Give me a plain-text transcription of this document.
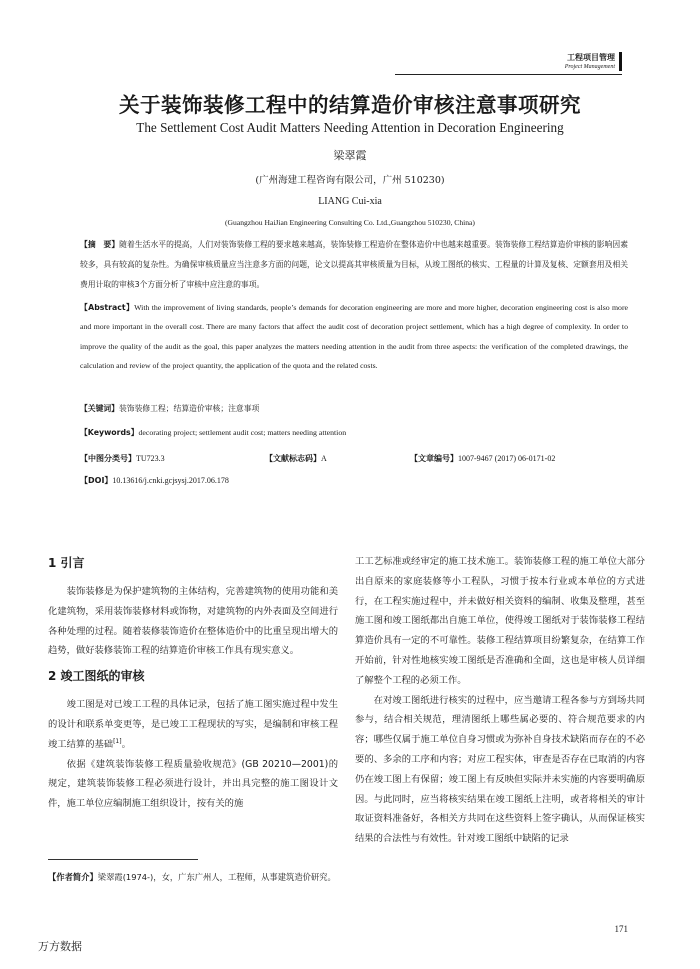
工程项目管理
Project Management
关于装饰装修工程中的结算造价审核注意事项研究
The Settlement Cost Audit Matters Needing Attention in Decoration Engineering
梁翠霞
(广州海建工程咨询有限公司，广州 510230)
LIANG Cui-xia
(Guangzhou HaiJian Engineering Consulting Co. Ltd.,Guangzhou 510230, China)
【摘　要】随着生活水平的提高，人们对装饰装修工程的要求越来越高，装饰装修工程造价在整体造价中也越来越重要。装饰装修工程结算造价审核的影响因素较多，具有较高的复杂性。为确保审核质量应当注意多方面的问题，论文以提高其审核质量为目标，从竣工图纸的核实、工程量的计算及复核、定额套用及相关费用计取的审核3个方面分析了审核中应注意的事项。
【Abstract】With the improvement of living standards, people’s demands for decoration engineering are more and more higher, decoration engineering cost is also more and more important in the overall cost. There are many factors that affect the audit cost of decoration project settlement, which has a high degree of complexity. In order to improve the quality of the audit as the goal, this paper analyzes the matters needing attention in the audit from three aspects: the verification of the completed drawings, the calculation and review of the project quantity, the application of the quota and the related costs.
【关键词】装饰装修工程；结算造价审核；注意事项
【Keywords】decorating project; settlement audit cost; matters needing attention
【中图分类号】TU723.3	【文献标志码】A	【文章编号】1007-9467 (2017) 06-0171-02
【DOI】10.13616/j.cnki.gcjsysj.2017.06.178
1 引言

装饰装修是为保护建筑物的主体结构，完善建筑物的使用功能和美化建筑物，采用装饰装修材料或饰物，对建筑物的内外表面及空间进行各种处理的过程。随着装修装饰造价在整体造价中的比重呈现出增大的趋势，做好装修装饰工程的结算造价审核工作具有现实意义。

2 竣工图纸的审核

竣工图是对已竣工工程的具体记录，包括了施工图实施过程中发生的设计和联系单变更等，是已竣工工程现状的写实，是编制和审核工程竣工结算的基础[1]。

依据《建筑装饰装修工程质量验收规范》(GB 20210—2001)的规定，建筑装饰装修工程必须进行设计，并出具完整的施工图设计文件，施工单位应编制施工组织设计，按有关的施

工工艺标准或经审定的施工技术施工。装饰装修工程的施工单位大部分出自原来的家庭装修等小工程队，习惯于按本行业或本单位的方式进行，在工程实施过程中，并未做好相关资料的编制、收集及整理，甚至施工图和竣工图纸都出自施工单位，使得竣工图纸对于装饰装修工程结算造价具有一定的不可靠性。装修工程结算项目纷繁复杂，在结算工作开始前，针对性地核实竣工图纸是否准确和全面，这也是审核人员详细了解整个工程的必须工作。

在对竣工图纸进行核实的过程中，应当邀请工程各参与方到场共同参与，结合相关规范，理清图纸上哪些属必要的、符合规范要求的内容；哪些仅属于施工单位自身习惯或为弥补自身技术缺陷而存在的不必要的、多余的工序和内容；对应工程实体，审查是否存在已取消的内容仍在竣工图上有保留；竣工图上有反映但实际并未实施的内容要明确原因。与此同时，应当将核实结果在竣工图纸上注明，或者将相关的审计取证资料准备好，各相关方共同在这些资料上签字确认，从而保证核实结果的合法性与有效性。针对竣工图纸中缺陷的记录

【作者简介】梁翠霞(1974-)，女，广东广州人，工程师，从事建筑造价研究。
171
万方数据
